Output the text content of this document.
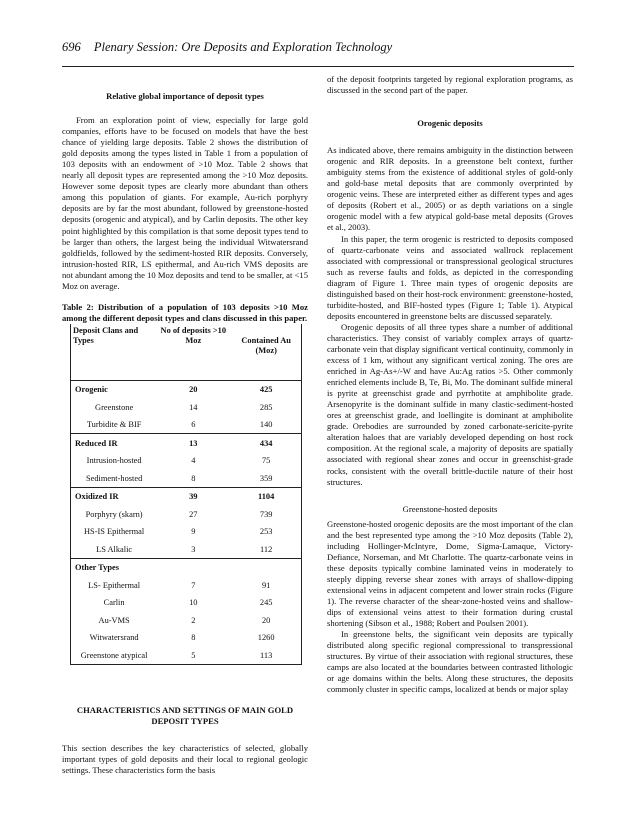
696 Plenary Session: Ore Deposits and Exploration Technology

Relative global importance of deposit types

From an exploration point of view, especially for large gold companies, efforts have to be focused on models that have the best chance of yielding large deposits. Table 2 shows the distribution of gold deposits among the types listed in Table 1 from a population of 103 deposits with an endowment of >10 Moz. Table 2 shows that nearly all deposit types are represented among the >10 Moz deposits. However some deposit types are clearly more abundant than others among this population of giants. For example, Au-rich porphyry deposits are by far the most abundant, followed by greenstone-hosted deposits (orogenic and atypical), and by Carlin deposits. The other key point highlighted by this compilation is that some deposit types tend to be larger than others, the largest being the individual Witwatersrand goldfields, followed by the sediment-hosted RIR deposits. Conversely, intrusion-hosted RIR, LS epithermal, and Au-rich VMS deposits are not abundant among the 10 Moz deposits and tend to be smaller, at <15 Moz on average.

Table 2: Distribution of a population of 103 deposits >10 Moz among the different deposit types and clans discussed in this paper.

Deposit Clans and Types	No of deposits >10 Moz	Contained Au (Moz)
Orogenic	20	425
Greenstone	14	285
Turbidite & BIF	6	140
Reduced IR	13	434
Intrusion-hosted	4	75
Sediment-hosted	8	359
Oxidized IR	39	1104
Porphyry (skarn)	27	739
HS-IS Epithermal	9	253
LS Alkalic	3	112
Other Types		
LS- Epithermal	7	91
Carlin	10	245
Au-VMS	2	20
Witwatersrand	8	1260
Greenstone atypical	5	113

CHARACTERISTICS AND SETTINGS OF MAIN GOLD DEPOSIT TYPES

This section describes the key characteristics of selected, globally important types of gold deposits and their local to regional geologic settings. These characteristics form the basis

of the deposit footprints targeted by regional exploration programs, as discussed in the second part of the paper.

Orogenic deposits

As indicated above, there remains ambiguity in the distinction between orogenic and RIR deposits. In a greenstone belt context, further ambiguity stems from the existence of additional styles of gold-only and gold-base metal deposits that are commonly overprinted by orogenic veins. These are interpreted either as different types and ages of deposits (Robert et al., 2005) or as depth variations on a single orogenic model with a few atypical gold-base metal deposits (Groves et al., 2003).

In this paper, the term orogenic is restricted to deposits composed of quartz-carbonate veins and associated wallrock replacement associated with compressional or transpressional geological structures such as reverse faults and folds, as depicted in the corresponding diagram of Figure 1. Three main types of orogenic deposits are distinguished based on their host-rock environment: greenstone-hosted, turbidite-hosted, and BIF-hosted types (Figure 1; Table 1). Atypical deposits encountered in greenstone belts are discussed separately.

Orogenic deposits of all three types share a number of additional characteristics. They consist of variably complex arrays of quartz-carbonate vein that display significant vertical continuity, commonly in excess of 1 km, without any significant vertical zoning. The ores are enriched in Ag-As+/-W and have Au:Ag ratios >5. Other commonly enriched elements include B, Te, Bi, Mo. The dominant sulfide mineral is pyrite at greenschist grade and pyrrhotite at amphibolite grade. Arsenopyrite is the dominant sulfide in many clastic-sediment-hosted ores at greenschist grade, and loellingite is dominant at amphibolite grade. Orebodies are surrounded by zoned carbonate-sericite-pyrite alteration haloes that are variably developed depending on host rock composition. At the regional scale, a majority of deposits are spatially associated with regional shear zones and occur in greenschist-grade rocks, consistent with the overall brittle-ductile nature of their host structures.

Greenstone-hosted deposits

Greenstone-hosted orogenic deposits are the most important of the clan and the best represented type among the >10 Moz deposits (Table 2), including Hollinger-McIntyre, Dome, Sigma-Lamaque, Victory-Defiance, Norseman, and Mt Charlotte. The quartz-carbonate veins in these deposits typically combine laminated veins in moderately to steeply dipping reverse shear zones with arrays of shallow-dipping extensional veins in adjacent competent and lower strain rocks (Figure 1). The reverse character of the shear-zone-hosted veins and shallow-dips of extensional veins attest to their formation during crustal shortening (Sibson et al., 1988; Robert and Poulsen 2001).

In greenstone belts, the significant vein deposits are typically distributed along specific regional compressional to transpressional structures. By virtue of their association with regional structures, these camps are also located at the boundaries between contrasted lithologic or age domains within the belts. Along these structures, the deposits commonly cluster in specific camps, localized at bends or major splay
